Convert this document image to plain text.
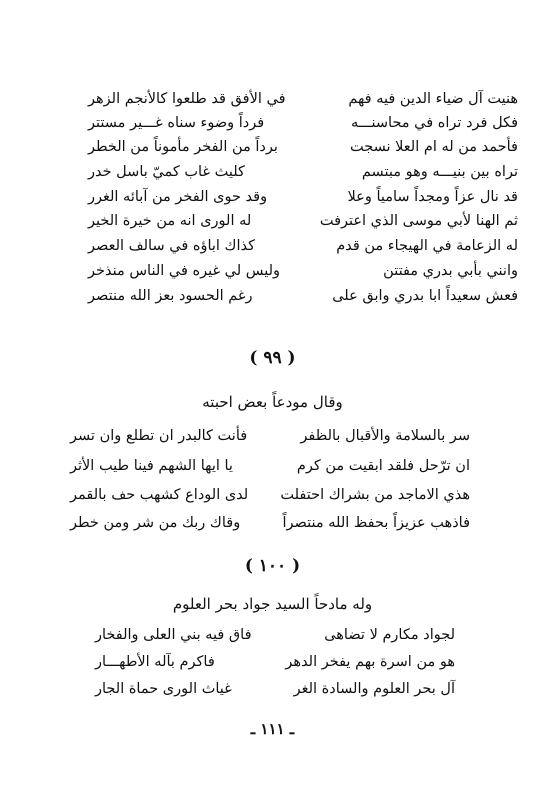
هنيت آل ضياء الدين فيه فهم
في الأفق قد طلعوا كالأنجم الزهر
فكل فرد تراه في محاسنـــه
فرداً وضوء سناه غـــير مستتر
فأحمد من له ام العلا نسجت
برداً من الفخر مأموناً من الخطر
تراه بين بنيـــه وهو مبتسم
كليث غاب كميّ باسل خدر
قد نال عزاً ومجداً سامياً وعلا
وقد حوى الفخر من آبائه الغرر
ثم الهنا لأبي موسى الذي اعترفت
له الورى انه من خيرة الخير
له الزعامة في الهيجاء من قدم
كذاك اباؤه في سالف العصر
وانني بأبي بدري مفتتن
وليس لي غيره في الناس منذخر
فعش سعيداً ابا بدري وابق على
رغم الحسود بعز الله منتصر
( ٩٩ )
وقال مودعاً بعض احبته
سر بالسلامة والأقبال بالظفر
فأنت كالبدر ان تطلع وان تسر
ان ترّحل فلقد ابقيت من كرم
يا ايها الشهم فينا طيب الأثر
هذي الاماجد من بشراك احتفلت
لدى الوداع كشهب حف بالقمر
فاذهب عزيزاً بحفظ الله منتصراً
وقاك ربك من شر ومن خطر
( ١٠٠ )
وله مادحاً السيد جواد بحر العلوم
لجواد مكارم لا تضاهى
فاق فيه بني العلى والفخار
هو من اسرة بهم يفخر الدهر
فاكرم بآله الأطهـــار
آل بحر العلوم والسادة الغر
غياث الورى حماة الجار
ـ ١١١ ـ
